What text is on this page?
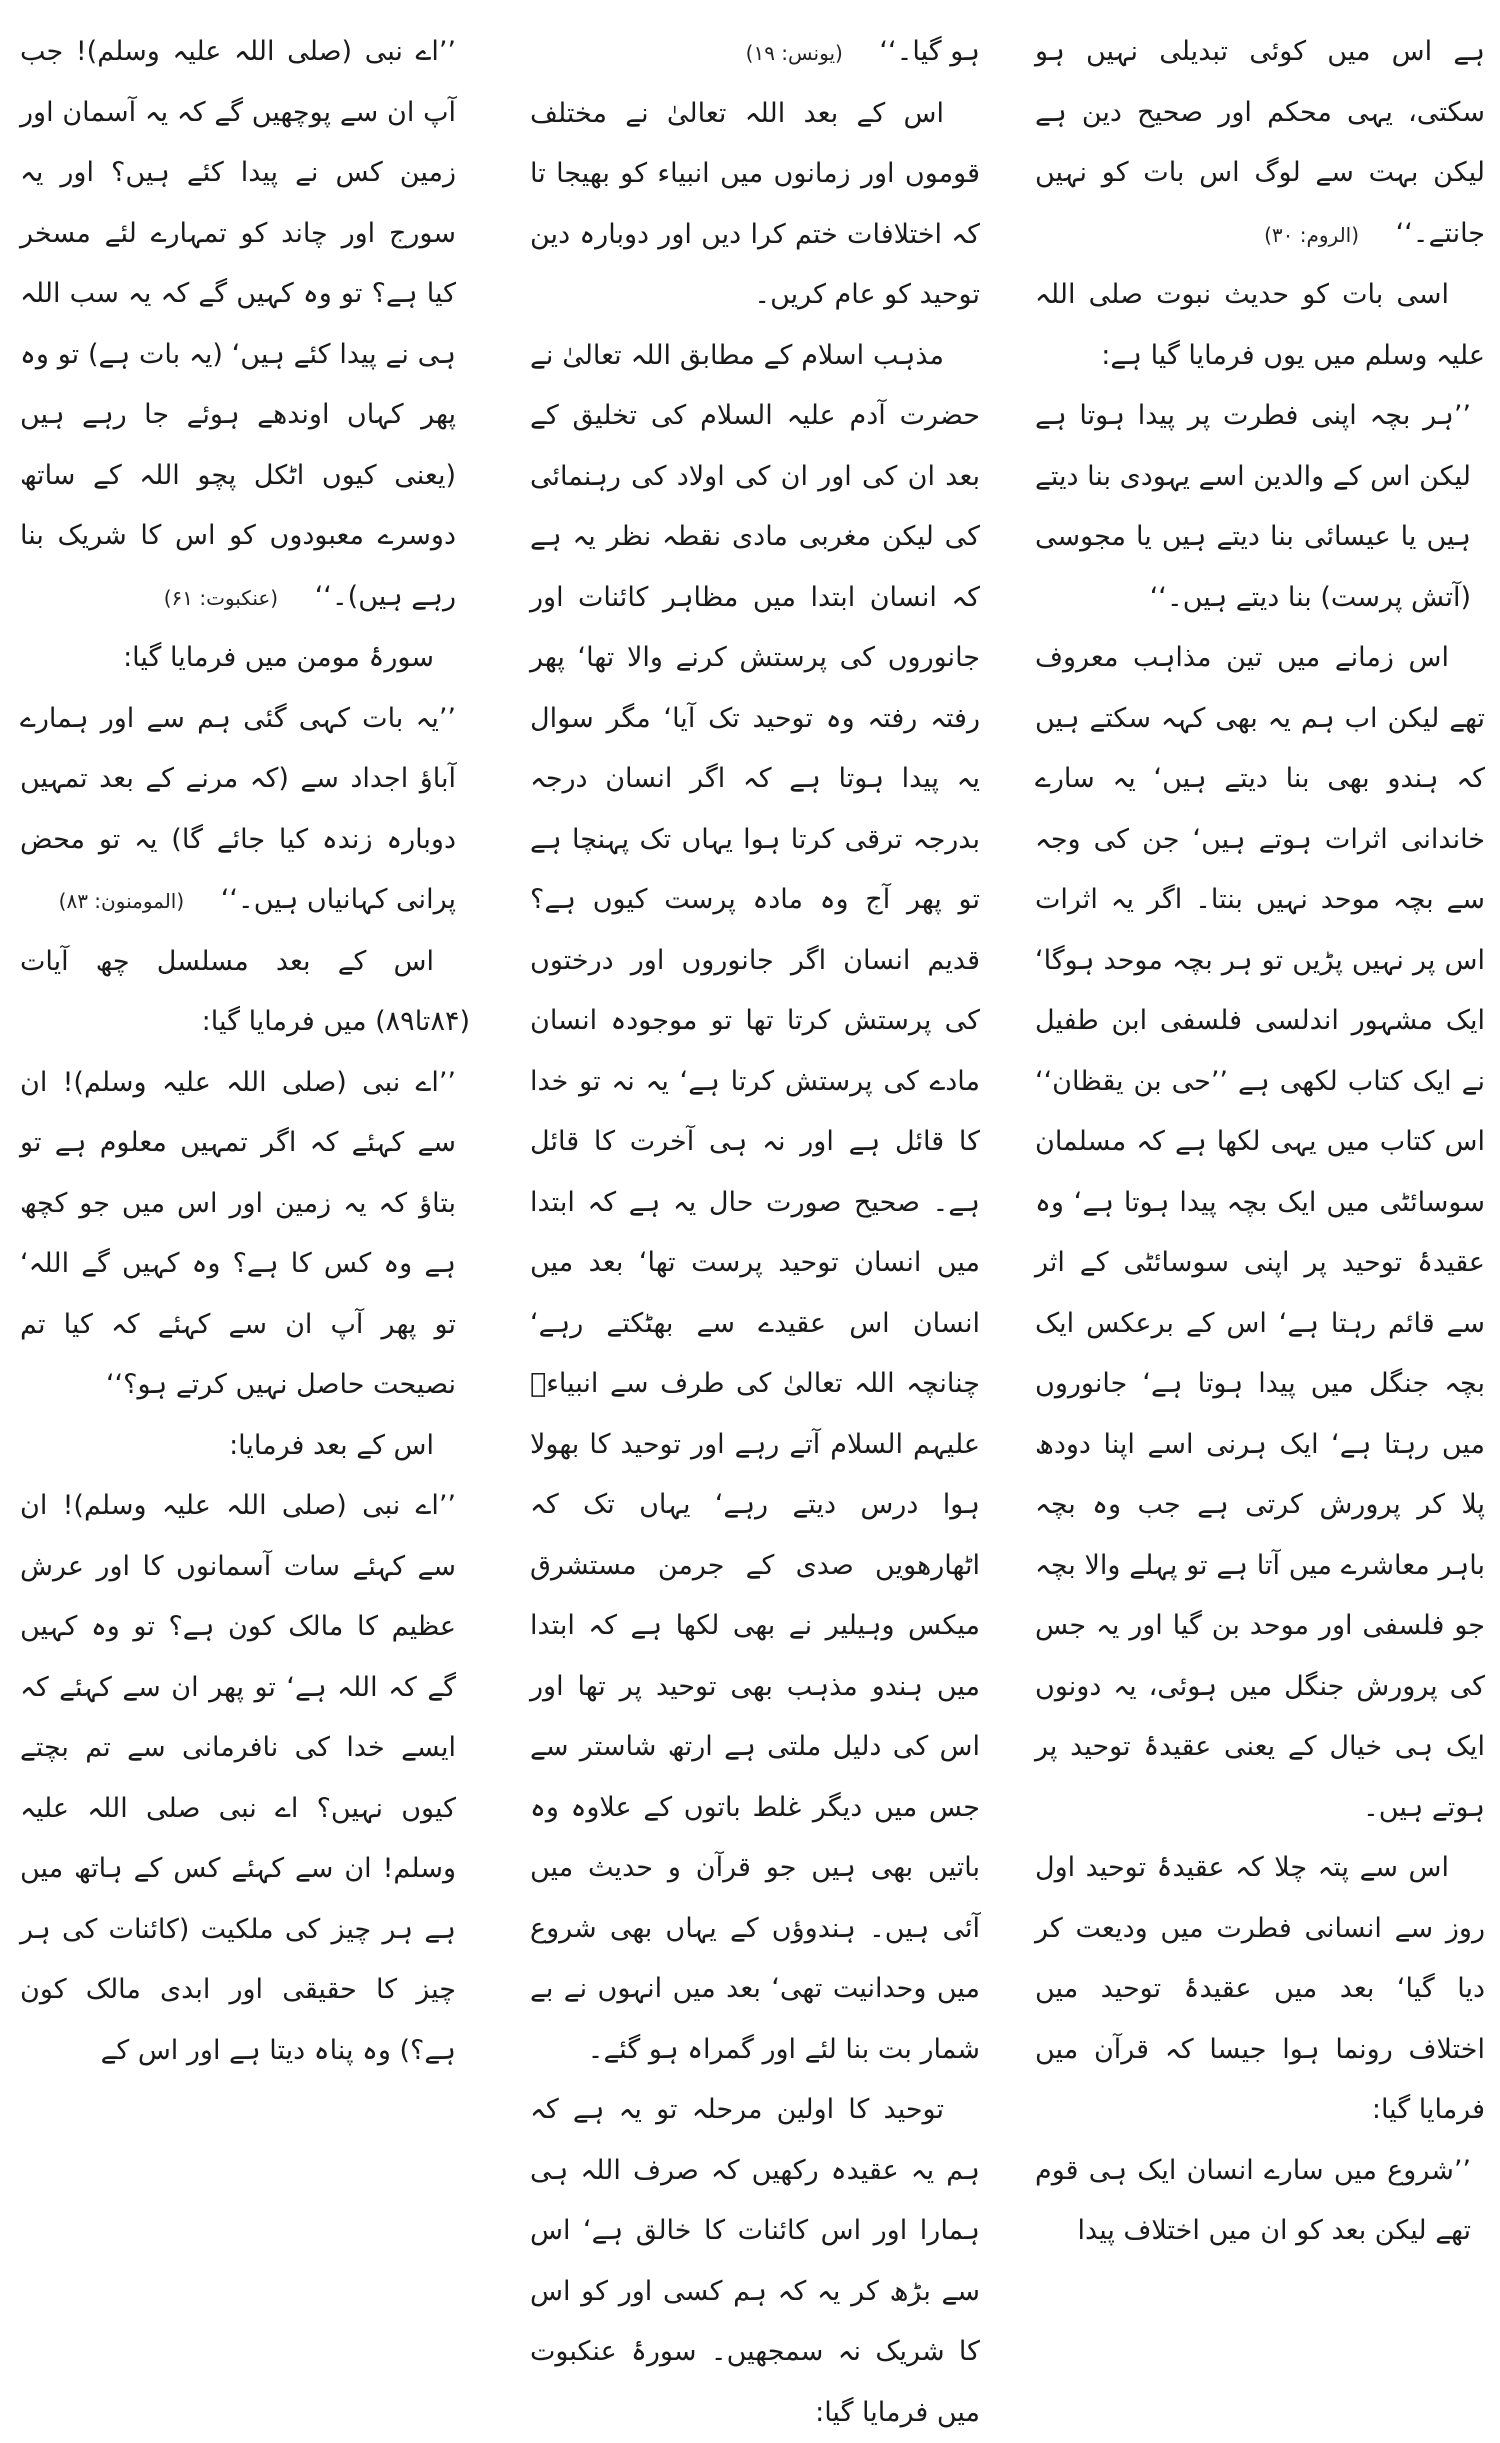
ہے اس میں کوئی تبدیلی نہیں ہو سکتی، یہی محکم اور صحیح دین ہے لیکن بہت سے لوگ اس بات کو نہیں جانتے۔‘‘ (الروم: ۳۰)

اسی بات کو حدیث نبوت صلی اللہ علیہ وسلم میں یوں فرمایا گیا ہے:

’’ہر بچہ اپنی فطرت پر پیدا ہوتا ہے لیکن اس کے والدین اسے یہودی بنا دیتے ہیں یا عیسائی بنا دیتے ہیں یا مجوسی (آتش پرست) بنا دیتے ہیں۔‘‘

اس زمانے میں تین مذاہب معروف تھے لیکن اب ہم یہ بھی کہہ سکتے ہیں کہ ہندو بھی بنا دیتے ہیں‘ یہ سارے خاندانی اثرات ہوتے ہیں‘ جن کی وجہ سے بچہ موحد نہیں بنتا۔ اگر یہ اثرات اس پر نہیں پڑیں تو ہر بچہ موحد ہوگا‘ ایک مشہور اندلسی فلسفی ابن طفیل نے ایک کتاب لکھی ہے ’’حی بن یقظان‘‘ اس کتاب میں یہی لکھا ہے کہ مسلمان سوسائٹی میں ایک بچہ پیدا ہوتا ہے‘ وہ عقیدۂ توحید پر اپنی سوسائٹی کے اثر سے قائم رہتا ہے‘ اس کے برعکس ایک بچہ جنگل میں پیدا ہوتا ہے‘ جانوروں میں رہتا ہے‘ ایک ہرنی اسے اپنا دودھ پلا کر پرورش کرتی ہے جب وہ بچہ باہر معاشرے میں آتا ہے تو پہلے والا بچہ جو فلسفی اور موحد بن گیا اور یہ جس کی پرورش جنگل میں ہوئی، یہ دونوں ایک ہی خیال کے یعنی عقیدۂ توحید پر ہوتے ہیں۔

اس سے پتہ چلا کہ عقیدۂ توحید اول روز سے انسانی فطرت میں ودیعت کر دیا گیا‘ بعد میں عقیدۂ توحید میں اختلاف رونما ہوا جیسا کہ قرآن میں فرمایا گیا:

’’شروع میں سارے انسان ایک ہی قوم تھے لیکن بعد کو ان میں اختلاف پیدا

ہو گیا۔‘‘ (یونس: ۱۹)

اس کے بعد اللہ تعالیٰ نے مختلف قوموں اور زمانوں میں انبیاء کو بھیجا تا کہ اختلافات ختم کرا دیں اور دوبارہ دین توحید کو عام کریں۔

مذہب اسلام کے مطابق اللہ تعالیٰ نے حضرت آدم علیہ السلام کی تخلیق کے بعد ان کی اور ان کی اولاد کی رہنمائی کی لیکن مغربی مادی نقطہ نظر یہ ہے کہ انسان ابتدا میں مظاہر کائنات اور جانوروں کی پرستش کرنے والا تھا‘ پھر رفتہ رفتہ وہ توحید تک آیا‘ مگر سوال یہ پیدا ہوتا ہے کہ اگر انسان درجہ بدرجہ ترقی کرتا ہوا یہاں تک پہنچا ہے تو پھر آج وہ مادہ پرست کیوں ہے؟ قدیم انسان اگر جانوروں اور درختوں کی پرستش کرتا تھا تو موجودہ انسان مادے کی پرستش کرتا ہے‘ یہ نہ تو خدا کا قائل ہے اور نہ ہی آخرت کا قائل ہے۔ صحیح صورت حال یہ ہے کہ ابتدا میں انسان توحید پرست تھا‘ بعد میں انسان اس عقیدے سے بھٹکتے رہے‘ چنانچہ اللہ تعالیٰ کی طرف سے انبیاءؑ علیہم السلام آتے رہے اور توحید کا بھولا ہوا درس دیتے رہے‘ یہاں تک کہ اٹھارھویں صدی کے جرمن مستشرق میکس وہیلیر نے بھی لکھا ہے کہ ابتدا میں ہندو مذہب بھی توحید پر تھا اور اس کی دلیل ملتی ہے ارتھ شاستر سے جس میں دیگر غلط باتوں کے علاوہ وہ باتیں بھی ہیں جو قرآن و حدیث میں آئی ہیں۔ ہندوؤں کے یہاں بھی شروع میں وحدانیت تھی‘ بعد میں انہوں نے بے شمار بت بنا لئے اور گمراہ ہو گئے۔

توحید کا اولین مرحلہ تو یہ ہے کہ ہم یہ عقیدہ رکھیں کہ صرف اللہ ہی ہمارا اور اس کائنات کا خالق ہے‘ اس سے بڑھ کر یہ کہ ہم کسی اور کو اس کا شریک نہ سمجھیں۔ سورۂ عنکبوت میں فرمایا گیا:

’’اے نبی (صلی اللہ علیہ وسلم)! جب آپ ان سے پوچھیں گے کہ یہ آسمان اور زمین کس نے پیدا کئے ہیں؟ اور یہ سورج اور چاند کو تمہارے لئے مسخر کیا ہے؟ تو وہ کہیں گے کہ یہ سب اللہ ہی نے پیدا کئے ہیں‘ (یہ بات ہے) تو وہ پھر کہاں اوندھے ہوئے جا رہے ہیں (یعنی کیوں اٹکل پچو اللہ کے ساتھ دوسرے معبودوں کو اس کا شریک بنا رہے ہیں)۔‘‘ (عنکبوت: ۶۱)

سورۂ مومن میں فرمایا گیا:

’’یہ بات کہی گئی ہم سے اور ہمارے آباؤ اجداد سے (کہ مرنے کے بعد تمہیں دوبارہ زندہ کیا جائے گا) یہ تو محض پرانی کہانیاں ہیں۔‘‘ (المومنون: ۸۳)

اس کے بعد مسلسل چھ آیات (۸۴تا۸۹) میں فرمایا گیا:

’’اے نبی (صلی اللہ علیہ وسلم)! ان سے کہئے کہ اگر تمہیں معلوم ہے تو بتاؤ کہ یہ زمین اور اس میں جو کچھ ہے وہ کس کا ہے؟ وہ کہیں گے اللہ‘ تو پھر آپ ان سے کہئے کہ کیا تم نصیحت حاصل نہیں کرتے ہو؟‘‘

اس کے بعد فرمایا:

’’اے نبی (صلی اللہ علیہ وسلم)! ان سے کہئے سات آسمانوں کا اور عرش عظیم کا مالک کون ہے؟ تو وہ کہیں گے کہ اللہ ہے‘ تو پھر ان سے کہئے کہ ایسے خدا کی نافرمانی سے تم بچتے کیوں نہیں؟ اے نبی صلی اللہ علیہ وسلم! ان سے کہئے کس کے ہاتھ میں ہے ہر چیز کی ملکیت (کائنات کی ہر چیز کا حقیقی اور ابدی مالک کون ہے؟) وہ پناہ دیتا ہے اور اس کے
